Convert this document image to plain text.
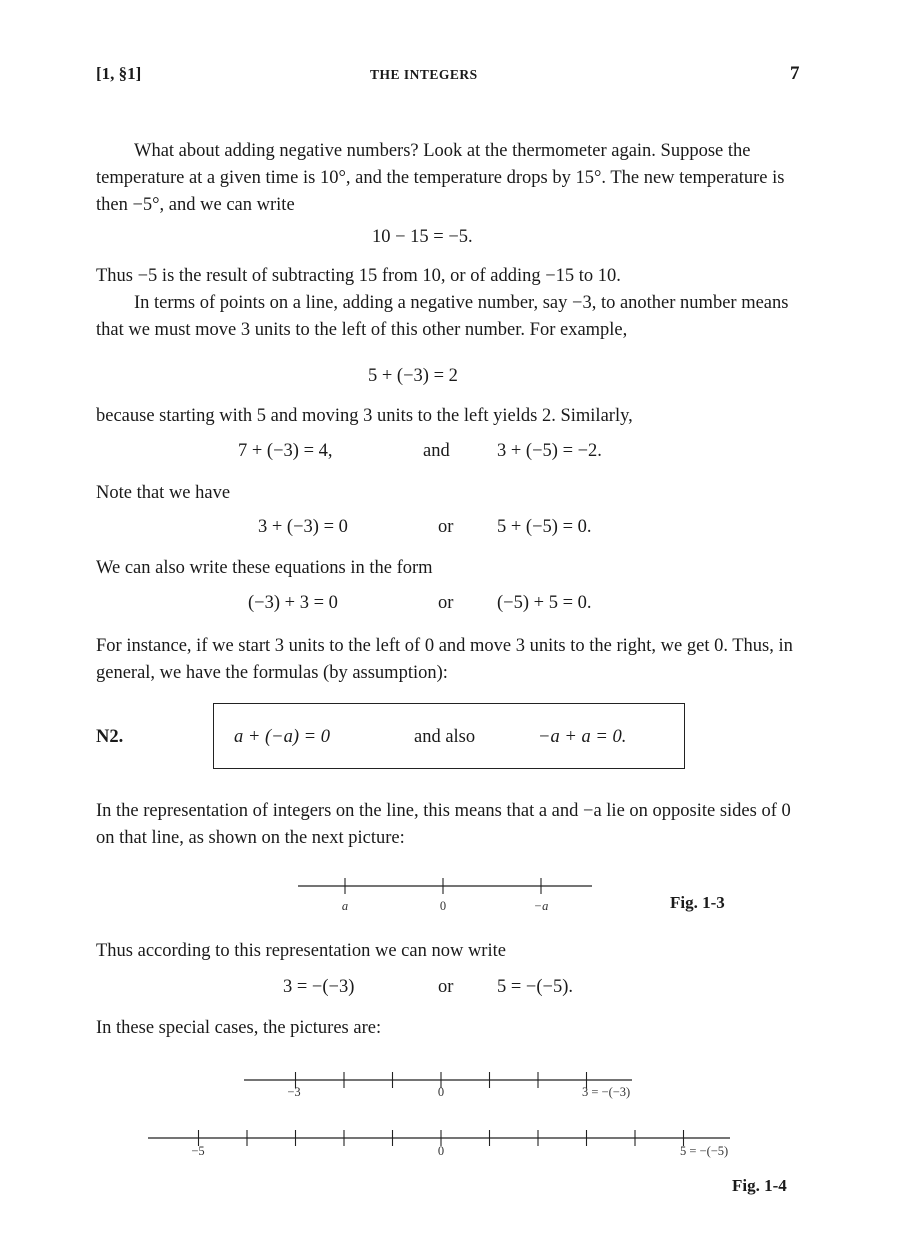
[1, §1]	THE INTEGERS	7
What about adding negative numbers? Look at the thermometer again. Suppose the temperature at a given time is 10°, and the temperature drops by 15°. The new temperature is then −5°, and we can write
10 − 15 = −5.
Thus −5 is the result of subtracting 15 from 10, or of adding −15 to 10.
In terms of points on a line, adding a negative number, say −3, to another number means that we must move 3 units to the left of this other number. For example,
5 + (−3) = 2
because starting with 5 and moving 3 units to the left yields 2. Similarly,
7 + (−3) = 4,	and	3 + (−5) = −2.
Note that we have
3 + (−3) = 0	or 5 + (−5) = 0.
We can also write these equations in the form
(−3) + 3 = 0	or (−5) + 5 = 0.
For instance, if we start 3 units to the left of 0 and move 3 units to the right, we get 0. Thus, in general, we have the formulas (by assumption):
N2.	a + (−a) = 0	and also	−a + a = 0.
In the representation of integers on the line, this means that a and −a lie on opposite sides of 0 on that line, as shown on the next picture:
a	0	−a
−3	0	3 = −(−3)
−5	0	5 = −(−5)
Fig. 1-3
Thus according to this representation we can now write
3 = −(−3)	or 5 = −(−5).
In these special cases, the pictures are:
Fig. 1-4
